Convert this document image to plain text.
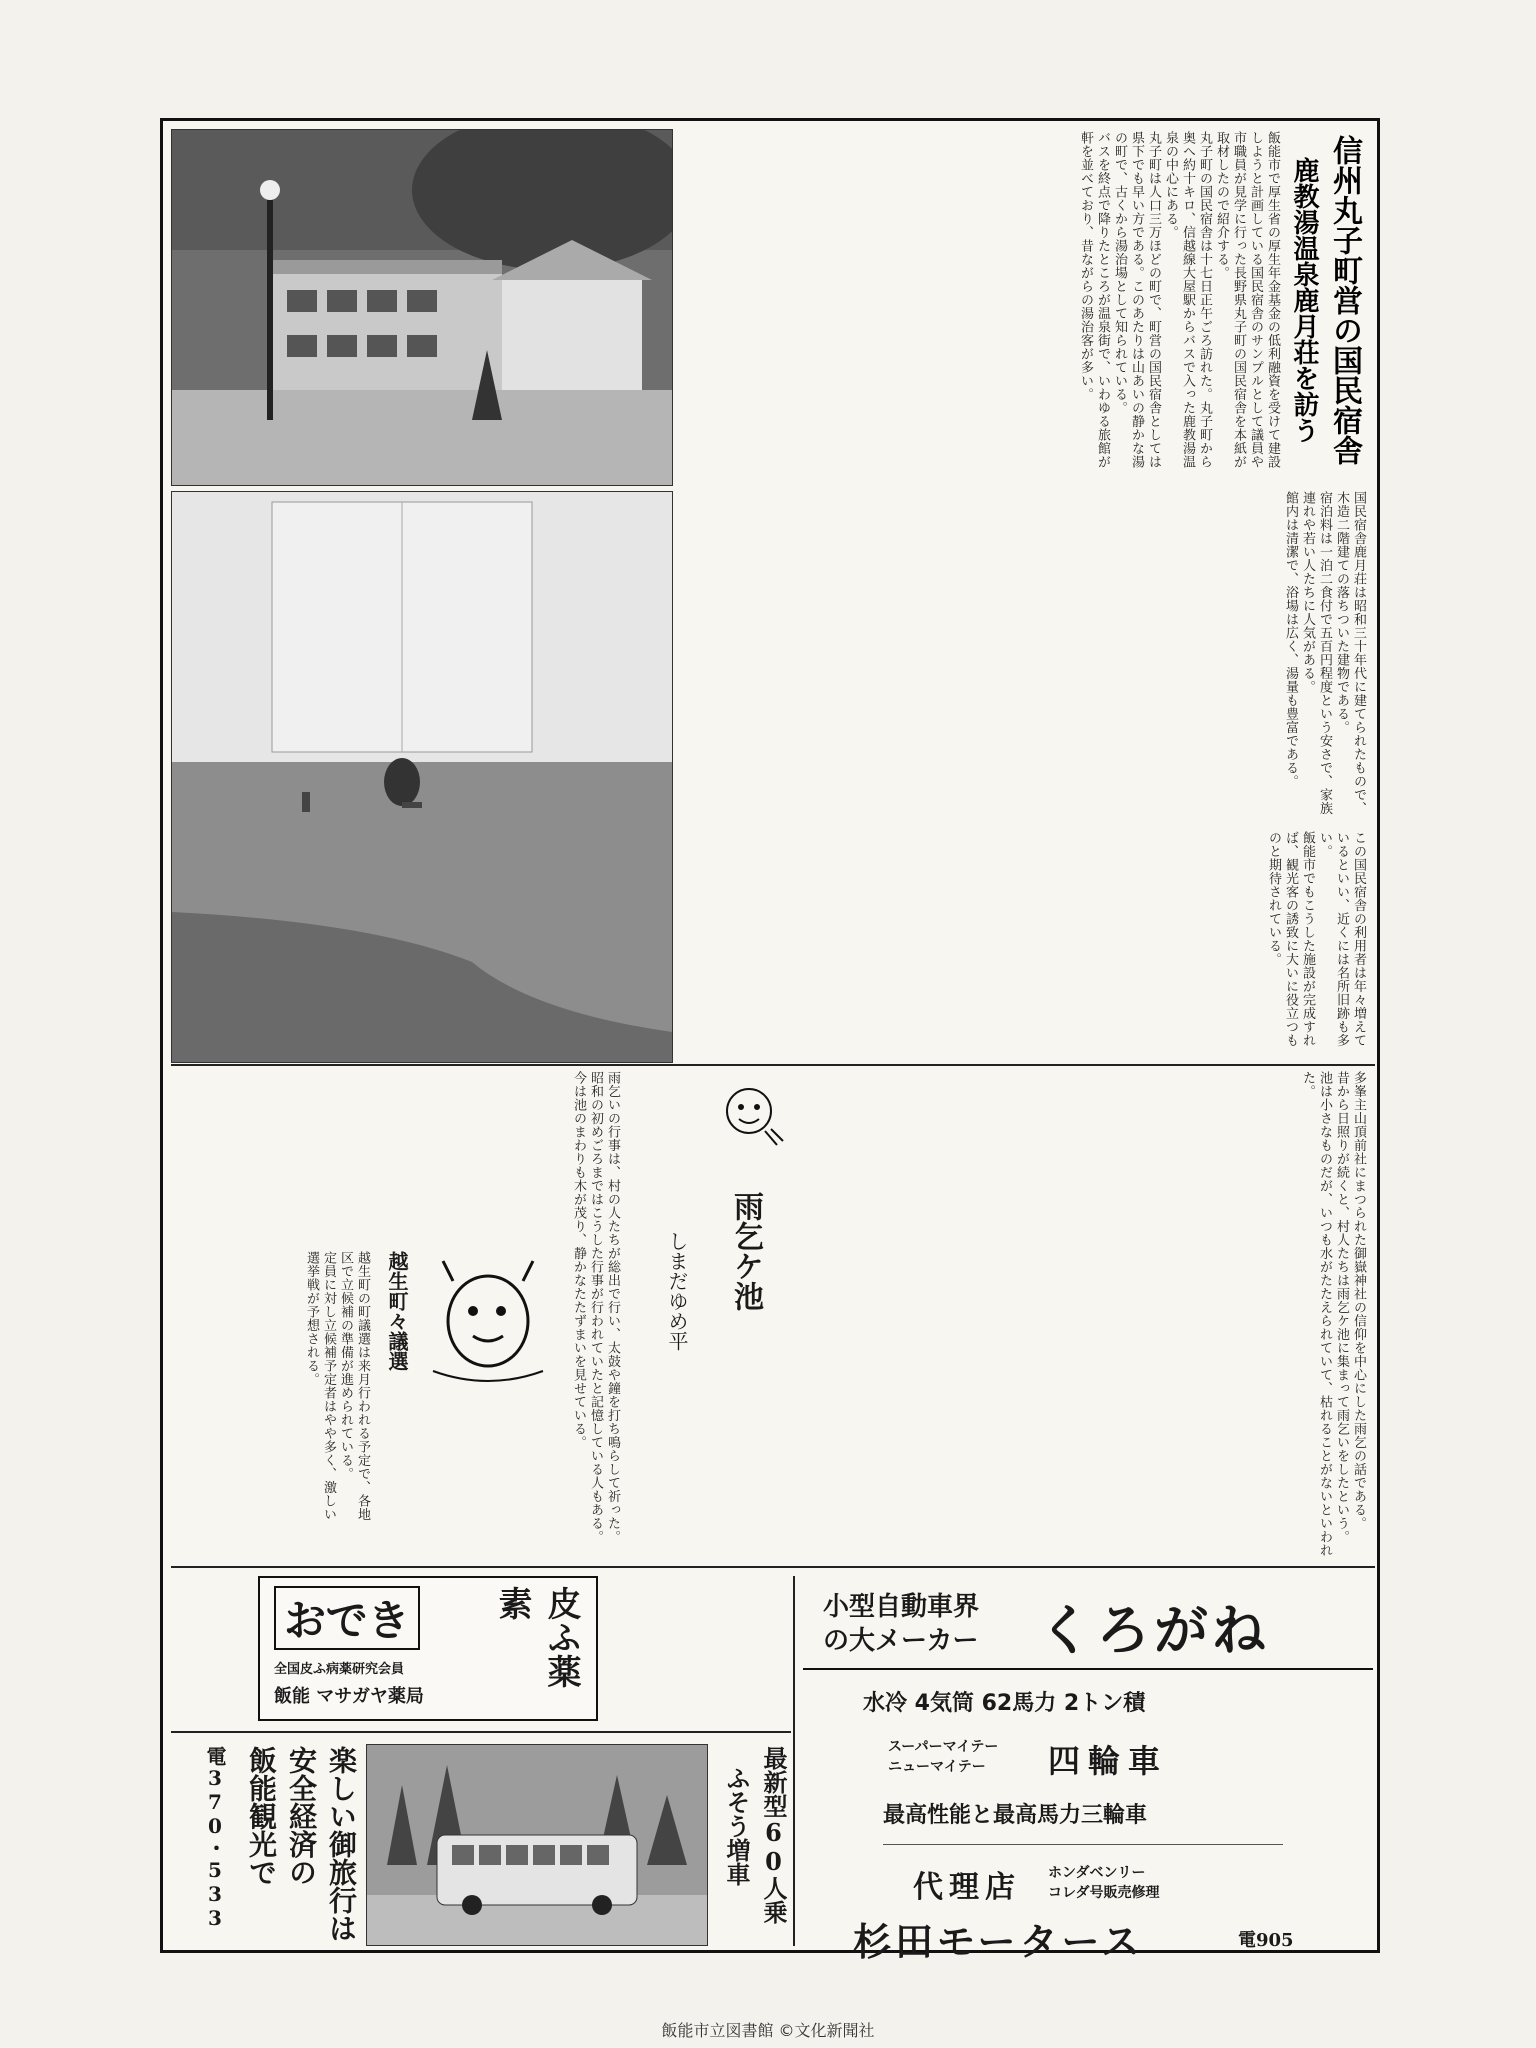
信州丸子町営の国民宿舎
鹿教湯温泉鹿月荘を訪う

飯能市で厚生省の厚生年金基金の低利融資を受けて建設しようと計画している国民宿舎のサンプルとして議員や市職員が見学に行った長野県丸子町の国民宿舎を本紙が取材したので紹介する。

丸子町の国民宿舎は十七日正午ごろ訪れた。丸子町から奥へ約十キロ、信越線大屋駅からバスで入った鹿教湯温泉の中心にある。

丸子町は人口三万ほどの町で、町営の国民宿舎としては県下でも早い方である。このあたりは山あいの静かな湯の町で、古くから湯治場として知られている。

バスを終点で降りたところが温泉街で、いわゆる旅館が軒を並べており、昔ながらの湯治客が多い。

国民宿舎鹿月荘は昭和三十年代に建てられたもので、木造二階建ての落ちついた建物である。

宿泊料は一泊二食付で五百円程度という安さで、家族連れや若い人たちに人気がある。

館内は清潔で、浴場は広く、湯量も豊富である。

この国民宿舎の利用者は年々増えているといい、近くには名所旧跡も多い。

飯能市でもこうした施設が完成すれば、観光客の誘致に大いに役立つものと期待されている。

多峯主山頂前社にまつられた御嶽神社の信仰を中心にした雨乞の話である。

昔から日照りが続くと、村人たちは雨乞ケ池に集まって雨乞いをしたという。

池は小さなものだが、いつも水がたたえられていて、枯れることがないといわれた。

雨乞ケ池
しまだゆめ平

雨乞いの行事は、村の人たちが総出で行い、太鼓や鐘を打ち鳴らして祈った。

昭和の初めごろまではこうした行事が行われていたと記憶している人もある。

今は池のまわりも木が茂り、静かなたたずまいを見せている。

越生町々議選

越生町の町議選は来月行われる予定で、各地区で立候補の準備が進められている。

定員に対し立候補予定者はやや多く、激しい選挙戦が予想される。

おでき	皮ふ薬素
全国皮ふ病薬研究会員
飯能 マサガヤ薬局
小型自動車界
の大メーカー くろがね
水冷 4気筒 62馬力 2トン積
スーパーマイテー
ニューマイテー 四輪車
最高性能と最高馬力三輪車
代理店 ホンダベンリー
コレダ号販売修理
杉田モータース	電905
電370・533 飯能観光で 安全経済の 楽しい御旅行は	最新型60人乗
ふそう増車
飯能市立図書館 ©文化新聞社
